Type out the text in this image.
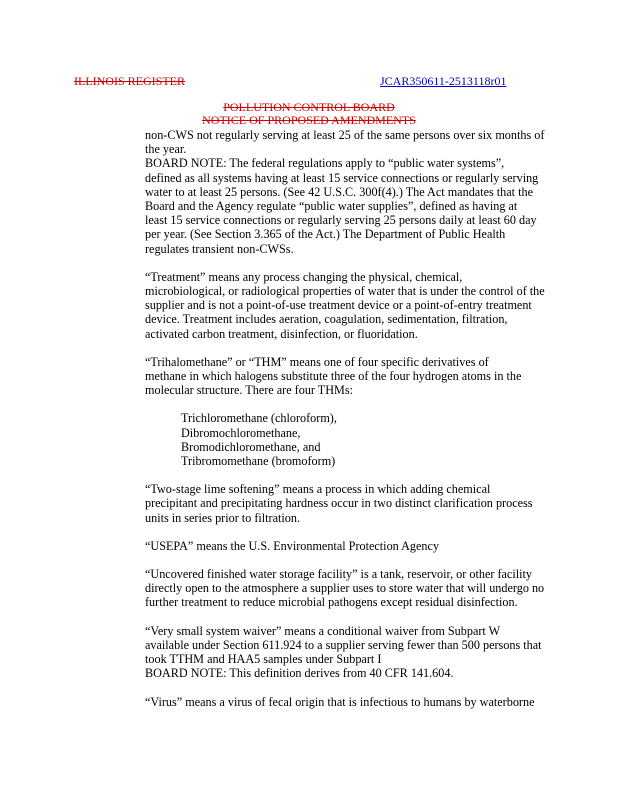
ILLINOIS REGISTER	JCAR350611-2513118r01
POLLUTION CONTROL BOARD
NOTICE OF PROPOSED AMENDMENTS

non-CWS not regularly serving at least 25 of the same persons over six months of

the year.

BOARD NOTE: The federal regulations apply to “public water systems”,

defined as all systems having at least 15 service connections or regularly serving

water to at least 25 persons. (See 42 U.S.C. 300f(4).) The Act mandates that the

Board and the Agency regulate “public water supplies”, defined as having at

least 15 service connections or regularly serving 25 persons daily at least 60 day

per year. (See Section 3.365 of the Act.) The Department of Public Health

regulates transient non-CWSs.

“Treatment” means any process changing the physical, chemical,

microbiological, or radiological properties of water that is under the control of the

supplier and is not a point-of-use treatment device or a point-of-entry treatment

device. Treatment includes aeration, coagulation, sedimentation, filtration,

activated carbon treatment, disinfection, or fluoridation.

“Trihalomethane” or “THM” means one of four specific derivatives of

methane in which halogens substitute three of the four hydrogen atoms in the

molecular structure. There are four THMs:

Trichloromethane (chloroform),

Dibromochloromethane,

Bromodichloromethane, and

Tribromomethane (bromoform)

“Two-stage lime softening” means a process in which adding chemical

precipitant and precipitating hardness occur in two distinct clarification process

units in series prior to filtration.

“USEPA” means the U.S. Environmental Protection Agency

“Uncovered finished water storage facility” is a tank, reservoir, or other facility

directly open to the atmosphere a supplier uses to store water that will undergo no

further treatment to reduce microbial pathogens except residual disinfection.

“Very small system waiver” means a conditional waiver from Subpart W

available under Section 611.924 to a supplier serving fewer than 500 persons that

took TTHM and HAA5 samples under Subpart I

BOARD NOTE: This definition derives from 40 CFR 141.604.

“Virus” means a virus of fecal origin that is infectious to humans by waterborne
